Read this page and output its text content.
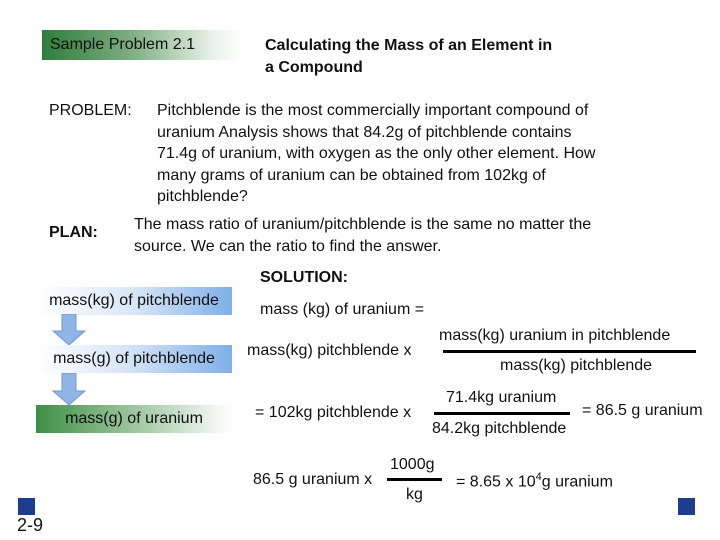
Sample Problem 2.1	Calculating the Mass of an Element in
a Compound
PROBLEM: Pitchblende is the most commercially important compound of
uranium Analysis shows that 84.2g of pitchblende contains
71.4g of uranium, with oxygen as the only other element. How
many grams of uranium can be obtained from 102kg of
pitchblende?
PLAN: The mass ratio of uranium/pitchblende is the same no matter the
source. We can the ratio to find the answer.
mass(kg) of pitchblende
mass(g) of pitchblende
mass(g) of uranium
SOLUTION:
mass (kg) of uranium =
mass(kg) pitchblende x
mass(kg) uranium in pitchblende
mass(kg) pitchblende
= 102kg pitchblende x
71.4kg uranium
84.2kg pitchblende
= 86.5 g uranium
86.5 g uranium x
1000g
kg
= 8.65 x $10^4g$ uranium
2-9
